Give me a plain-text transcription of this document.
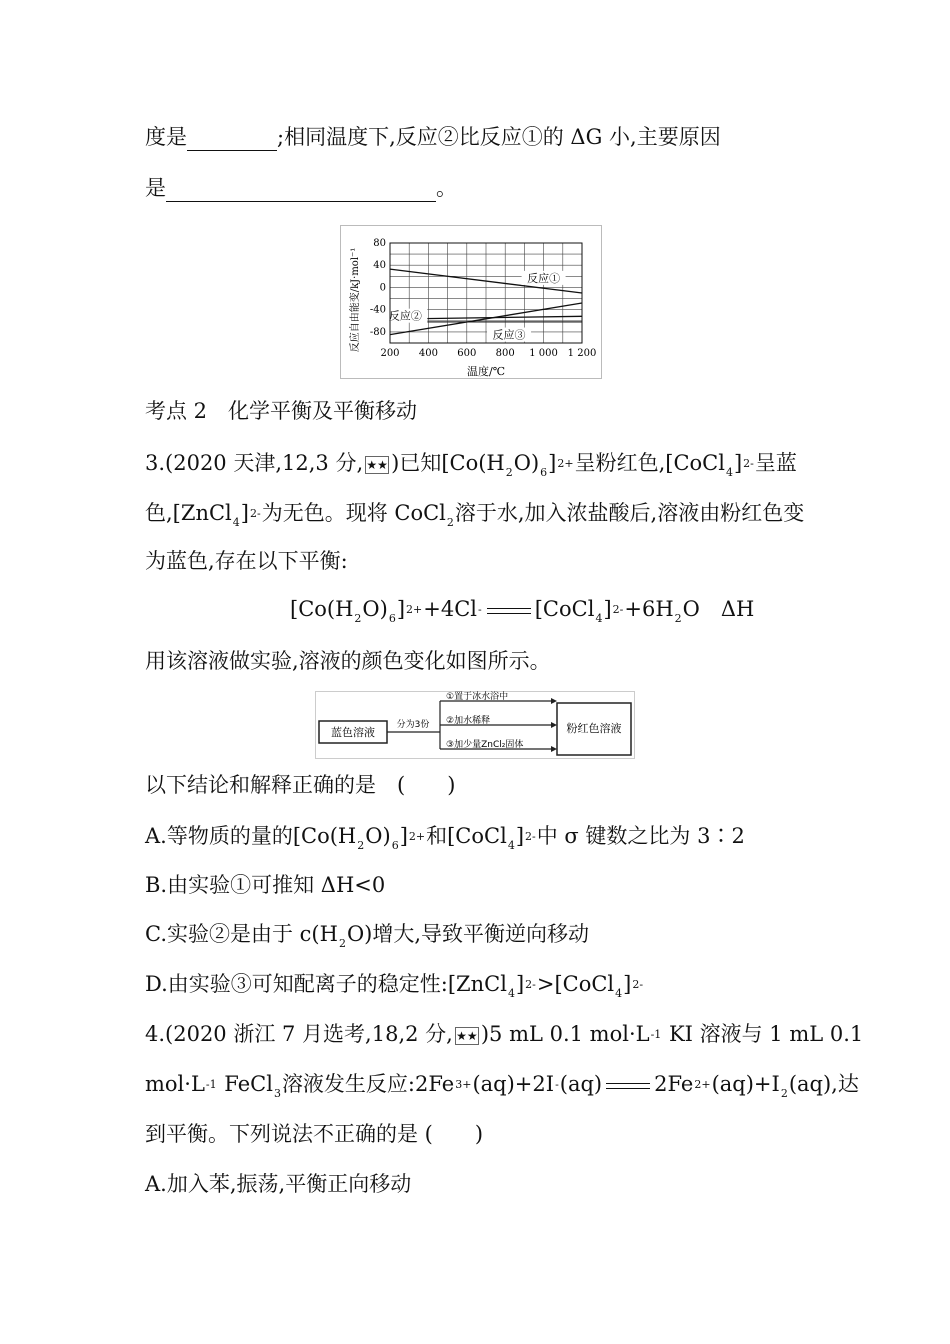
度是	;相同温度下,反应②比反应①的 ΔG 小,主要原因
是	。
反应①
反应②
反应③
200 400 600 800 1 000 1 200
80
40
0
-40
-80
温度/℃
反应自由能变/kJ·mol⁻¹
考点 2　化学平衡及平衡移动
3.(2020 天津,12,3 分, ★★ )已知$[Co(H_2O)_6]^{2+}$呈粉红色,[CoCl$_4$]$^{2-}$呈蓝
色,[ZnCl$_4$]$^{2-}$为无色。现将 CoCl$_2$溶于水,加入浓盐酸后,溶液由粉红色变
为蓝色,存在以下平衡:
$[Co(H_2O)_6]^{2+}+4Cl^-$	$[CoCl_4]^{2-}+6H_2O$　ΔH
用该溶液做实验,溶液的颜色变化如图所示。
蓝色溶液
分为3份
①置于冰水浴中
②加水稀释
③加少量ZnCl₂固体
粉红色溶液
以下结论和解释正确的是　(　　)
A.等物质的量的$[Co(H_2O)_6]^{2+}$和[CoCl$_4$]$^{2-}$中 σ 键数之比为 3∶2
B.由实验①可推知 ΔH<0
C.实验②是由于 $c(H_2O)$增大,导致平衡逆向移动
D.由实验③可知配离子的稳定性:[ZnCl$_4$]$^{2-}$>[CoCl$_4$]$^{2-}$
4.(2020 浙江 7 月选考,18,2 分, ★★ )5 mL 0.1 $mol\cdot L^{-1}$ KI 溶液与 1 mL 0.1
$mol\cdot L^{-1}$ FeCl$_3$溶液发生反应$:2Fe^{3+}(aq)+2I^-(aq)$ $2Fe^{2+}(aq)+I_2(aq)$,达
到平衡。下列说法不正确的是 (　　)
A.加入苯,振荡,平衡正向移动
